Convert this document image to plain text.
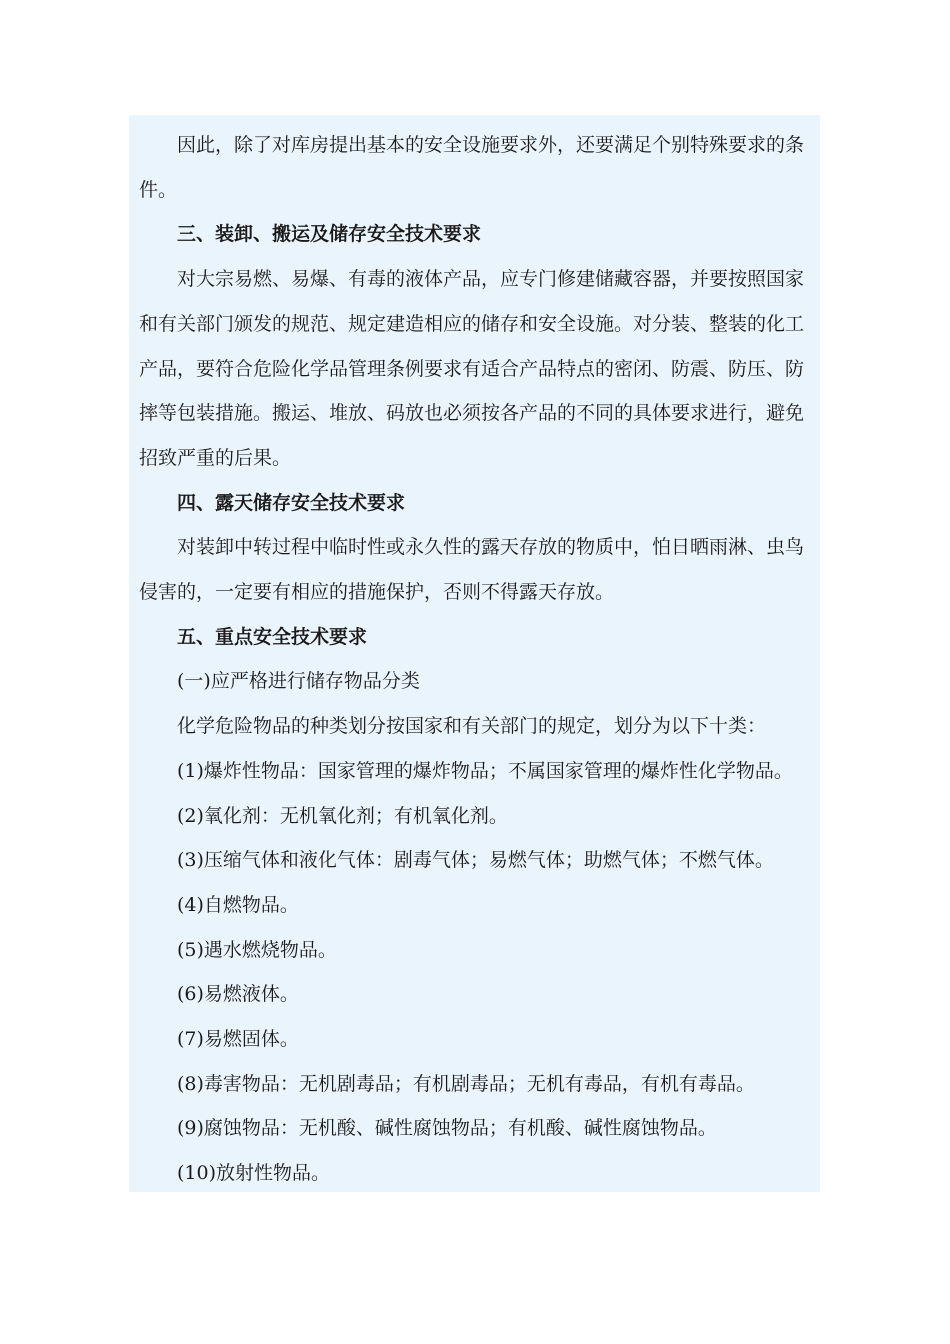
因此，除了对库房提出基本的安全设施要求外，还要满足个别特殊要求的条

件。

三、装卸、搬运及储存安全技术要求

对大宗易燃、易爆、有毒的液体产品，应专门修建储藏容器，并要按照国家

和有关部门颁发的规范、规定建造相应的储存和安全设施。对分装、整装的化工

产品，要符合危险化学品管理条例要求有适合产品特点的密闭、防震、防压、防

摔等包装措施。搬运、堆放、码放也必须按各产品的不同的具体要求进行，避免

招致严重的后果。

四、露天储存安全技术要求

对装卸中转过程中临时性或永久性的露天存放的物质中，怕日晒雨淋、虫鸟

侵害的，一定要有相应的措施保护，否则不得露天存放。

五、重点安全技术要求

(一)应严格进行储存物品分类

化学危险物品的种类划分按国家和有关部门的规定，划分为以下十类：

(1)爆炸性物品：国家管理的爆炸物品；不属国家管理的爆炸性化学物品。

(2)氧化剂：无机氧化剂；有机氧化剂。

(3)压缩气体和液化气体：剧毒气体；易燃气体；助燃气体；不燃气体。

(4)自燃物品。

(5)遇水燃烧物品。

(6)易燃液体。

(7)易燃固体。

(8)毒害物品：无机剧毒品；有机剧毒品；无机有毒品，有机有毒品。

(9)腐蚀物品：无机酸、碱性腐蚀物品；有机酸、碱性腐蚀物品。

(10)放射性物品。
